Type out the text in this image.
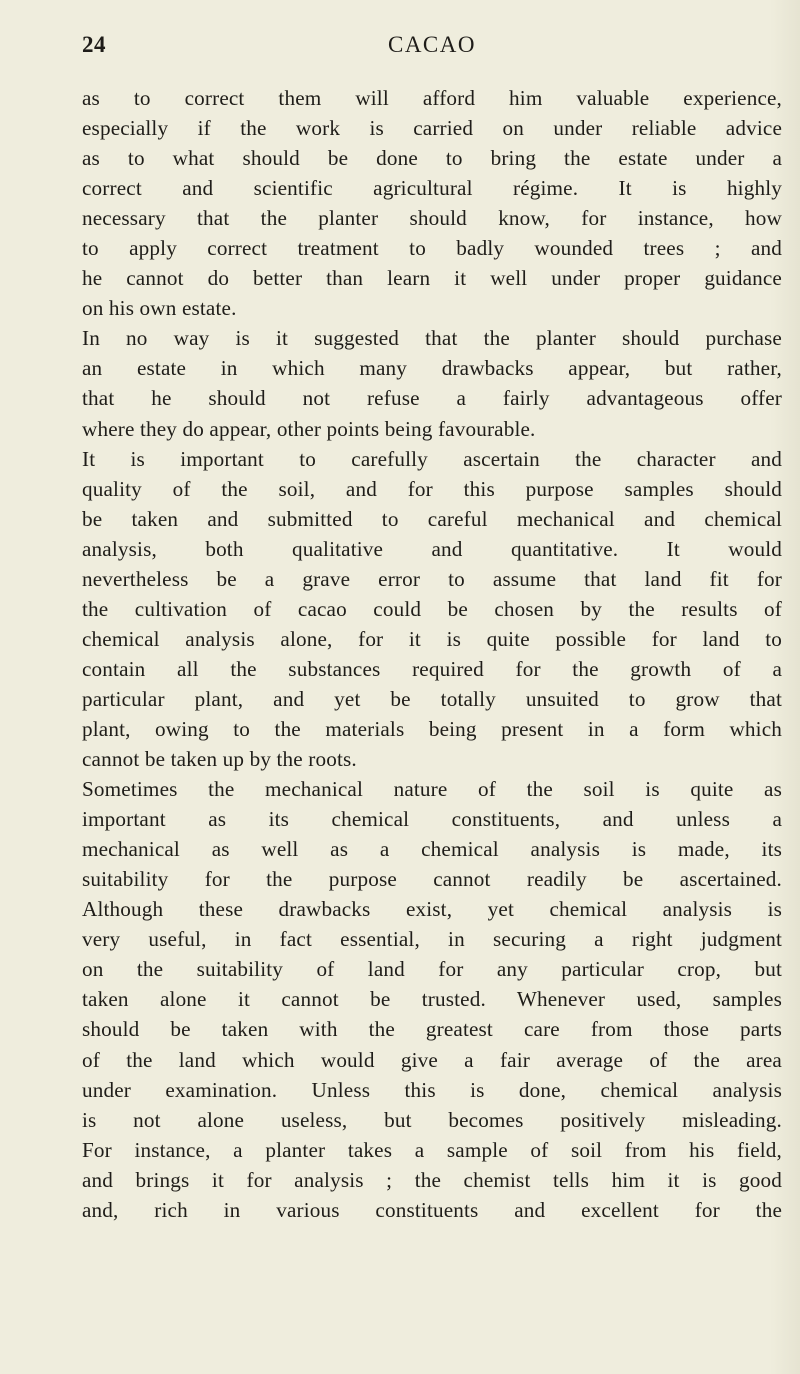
24	CACAO
as to correct them will afford him valuable experience,
especially if the work is carried on under reliable advice
as to what should be done to bring the estate under a
correct and scientific agricultural régime. It is highly
necessary that the planter should know, for instance, how
to apply correct treatment to badly wounded trees ; and
he cannot do better than learn it well under proper guidance
on his own estate.
In no way is it suggested that the planter should purchase
an estate in which many drawbacks appear, but rather,
that he should not refuse a fairly advantageous offer
where they do appear, other points being favourable.
It is important to carefully ascertain the character and
quality of the soil, and for this purpose samples should
be taken and submitted to careful mechanical and chemical
analysis, both qualitative and quantitative. It would
nevertheless be a grave error to assume that land fit for
the cultivation of cacao could be chosen by the results of
chemical analysis alone, for it is quite possible for land to
contain all the substances required for the growth of a
particular plant, and yet be totally unsuited to grow that
plant, owing to the materials being present in a form which
cannot be taken up by the roots.
Sometimes the mechanical nature of the soil is quite as
important as its chemical constituents, and unless a
mechanical as well as a chemical analysis is made, its
suitability for the purpose cannot readily be ascertained.
Although these drawbacks exist, yet chemical analysis is
very useful, in fact essential, in securing a right judgment
on the suitability of land for any particular crop, but
taken alone it cannot be trusted. Whenever used, samples
should be taken with the greatest care from those parts
of the land which would give a fair average of the area
under examination. Unless this is done, chemical analysis
is not alone useless, but becomes positively misleading.
For instance, a planter takes a sample of soil from his field,
and brings it for analysis ; the chemist tells him it is good
and, rich in various constituents and excellent for the
